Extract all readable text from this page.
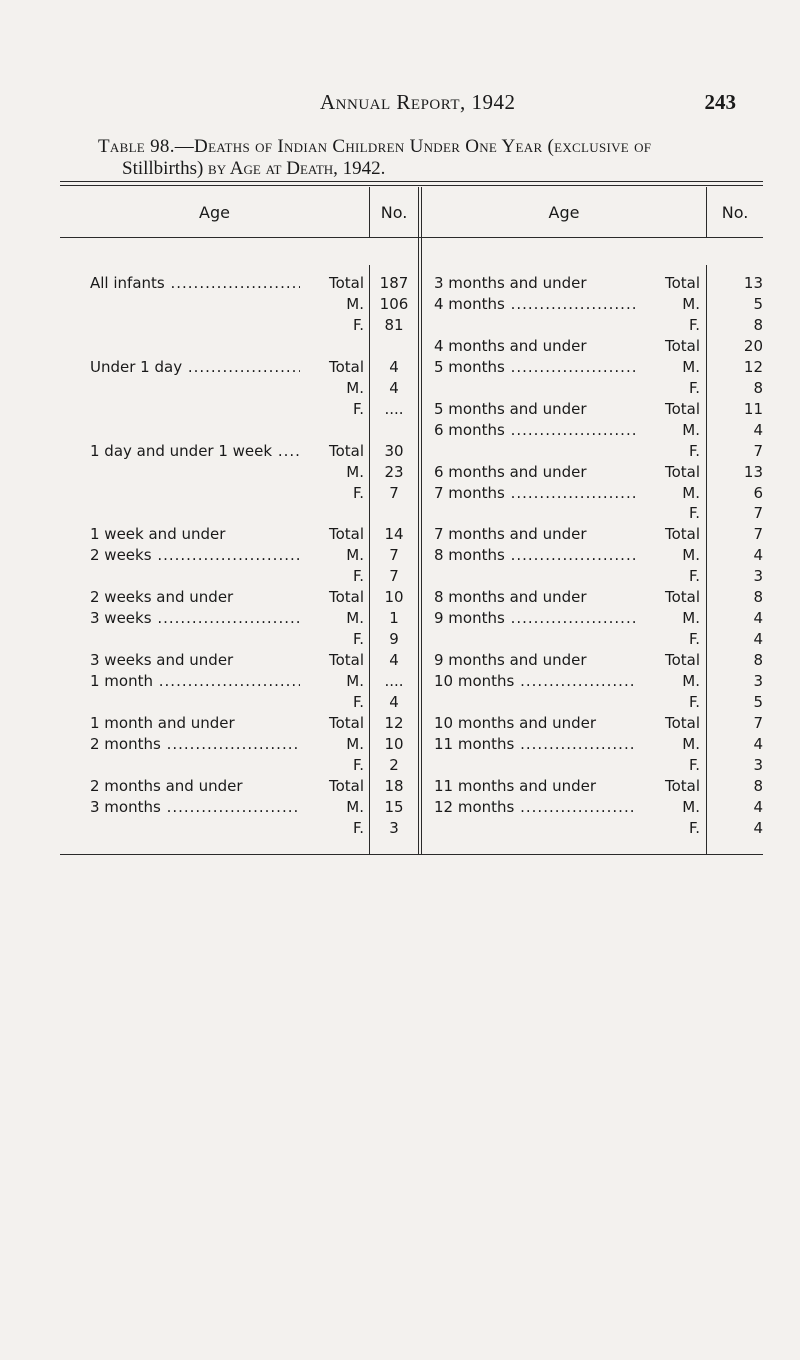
Annual Report, 1942	243
Table 98.—Deaths of Indian Children Under One Year (exclusive of
Stillbirths) by Age at Death, 1942.
Age	No.	Age	No.
All infants .....	Total	187
M.	106
F.	81
Under 1 day .....	Total	4
M.	4
F.	....
1 day and under 1 week .....	Total	30
M.	23
F.	7
1 week and under	Total	14
2 weeks .....	M.	7
F.	7
2 weeks and under	Total	10
3 weeks .....	M.	1
F.	9
3 weeks and under	Total	4
1 month .....	M.	....
F.	4
1 month and under	Total	12
2 months .....	M.	10
F.	2
2 months and under	Total	18
3 months .....	M.	15
F.	3
3 months and under	Total	13
4 months .....	M.	5
F.	8
4 months and under	Total	20
5 months .....	M.	12
F.	8
5 months and under	Total	11
6 months .....	M.	4
F.	7
6 months and under	Total	13
7 months .....	M.	6
F.	7
7 months and under	Total	7
8 months .....	M.	4
F.	3
8 months and under	Total	8
9 months .....	M.	4
F.	4
9 months and under	Total	8
10 months .....	M.	3
F.	5
10 months and under	Total	7
11 months .....	M.	4
F.	3
11 months and under	Total	8
12 months .....	M.	4
F.	4
